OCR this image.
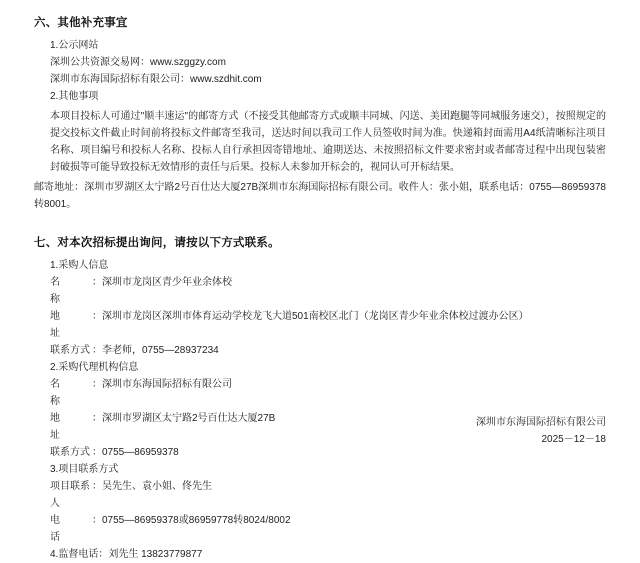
六、其他补充事宜

1.公示网站

深圳公共资源交易网：www.szggzy.com

深圳市东海国际招标有限公司：www.szdhit.com

2.其他事项

本项目投标人可通过"顺丰速运"的邮寄方式（不接受其他邮寄方式或顺丰同城、闪送、美团跑腿等同城服务速交），按照规定的提交投标文件截止时间前将投标文件邮寄至我司，送达时间以我司工作人员签收时间为准。快递箱封面需用A4纸清晰标注项目名称、项目编号和投标人名称、投标人自行承担因寄错地址、逾期送达、未按照招标文件要求密封或者邮寄过程中出现包装密封破损等可能导致投标无效情形的责任与后果。投标人未参加开标会的，视同认可开标结果。

邮寄地址：深圳市罗湖区太宁路2号百仕达大厦27B深圳市东海国际招标有限公司。收件人：张小姐，联系电话：0755—86959378转8001。

七、对本次招标提出询问，请按以下方式联系。

1.采购人信息

名　称
： 深圳市龙岗区青少年业余体校
地　址
： 深圳市龙岗区深圳市体育运动学校龙飞大道501南校区北门（龙岗区青少年业余体校过渡办公区）
联系方式 ： 李老师，0755—28937234

2.采购代理机构信息

名　称
： 深圳市东海国际招标有限公司
地　址
： 深圳市罗湖区太宁路2号百仕达大厦27B
联系方式 ： 0755—86959378

3.项目联系方式

项目联系人
： 吴先生、袁小姐、佟先生
电　话
： 0755—86959378或86959778转8024/8002

4.监督电话：刘先生 13823779877

深圳市东海国际招标有限公司
2025－12－18
